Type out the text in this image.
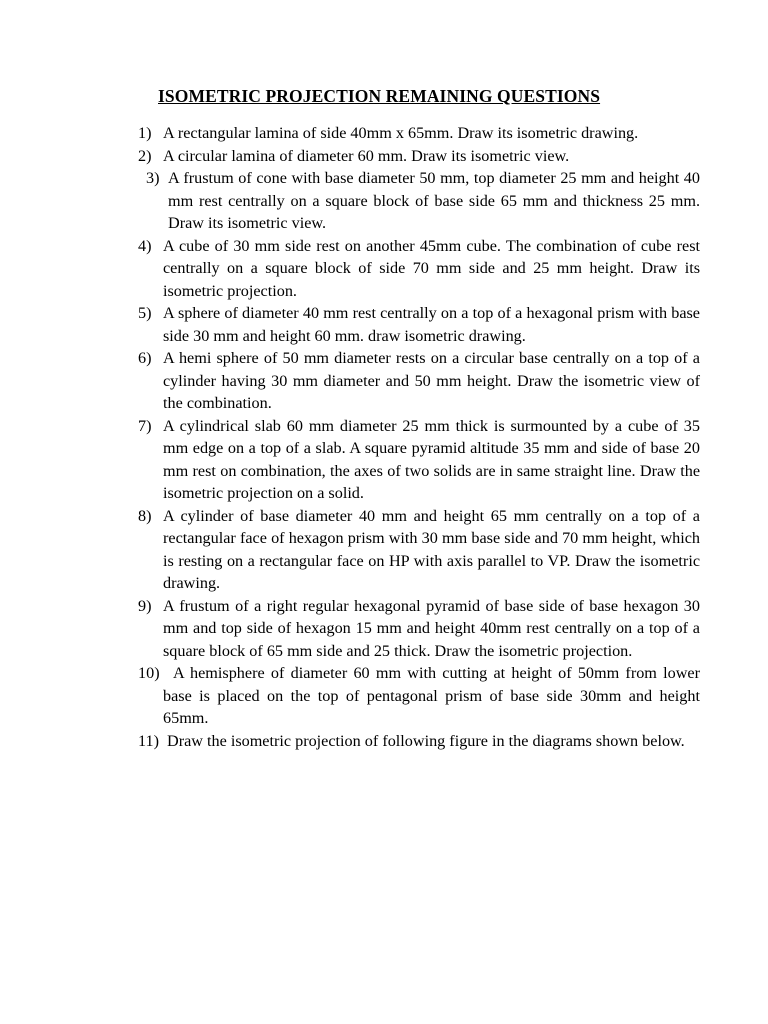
ISOMETRIC PROJECTION REMAINING QUESTIONS
1) A rectangular lamina of side 40mm x 65mm. Draw its isometric drawing.
2) A circular lamina of diameter 60 mm. Draw its isometric view.
3) A frustum of cone with base diameter 50 mm, top diameter 25 mm and height 40 mm rest centrally on a square block of base side 65 mm and thickness 25 mm. Draw its isometric view.
4) A cube of 30 mm side rest on another 45mm cube. The combination of cube rest centrally on a square block of side 70 mm side and 25 mm height. Draw its isometric projection.
5) A sphere of diameter 40 mm rest centrally on a top of a hexagonal prism with base side 30 mm and height 60 mm. draw isometric drawing.
6) A hemi sphere of 50 mm diameter rests on a circular base centrally on a top of a cylinder having 30 mm diameter and 50 mm height. Draw the isometric view of the combination.
7) A cylindrical slab 60 mm diameter 25 mm thick is surmounted by a cube of 35 mm edge on a top of a slab. A square pyramid altitude 35 mm and side of base 20 mm rest on combination, the axes of two solids are in same straight line. Draw the isometric projection on a solid.
8) A cylinder of base diameter 40 mm and height 65 mm centrally on a top of a rectangular face of hexagon prism with 30 mm base side and 70 mm height, which is resting on a rectangular face on HP with axis parallel to VP. Draw the isometric drawing.
9) A frustum of a right regular hexagonal pyramid of base side of base hexagon 30 mm and top side of hexagon 15 mm and height 40mm rest centrally on a top of a square block of 65 mm side and 25 thick. Draw the isometric projection.
10) A hemisphere of diameter 60 mm with cutting at height of 50mm from lower base is placed on the top of pentagonal prism of base side 30mm and height 65mm.
11) Draw the isometric projection of following figure in the diagrams shown below.
